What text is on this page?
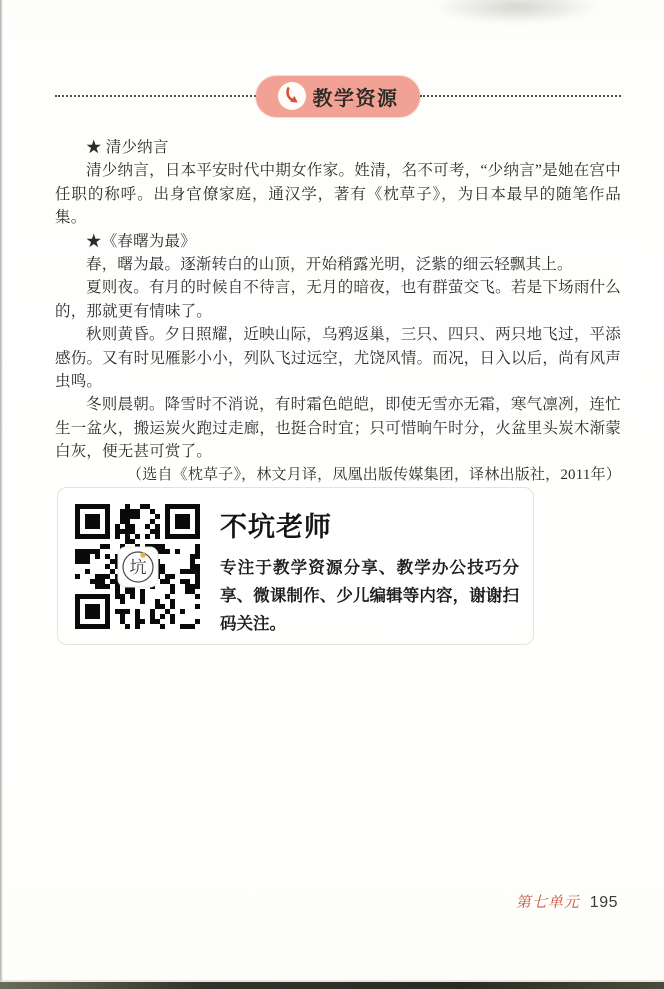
教学资源

★ 清少纳言

清少纳言，日本平安时代中期女作家。姓清，名不可考，“少纳言”是她在宫中任职的称呼。出身官僚家庭，通汉学，著有《枕草子》，为日本最早的随笔作品集。

★《春曙为最》

春，曙为最。逐渐转白的山顶，开始稍露光明，泛紫的细云轻飘其上。

夏则夜。有月的时候自不待言，无月的暗夜，也有群萤交飞。若是下场雨什么的，那就更有情味了。

秋则黄昏。夕日照耀，近映山际，乌鸦返巢，三只、四只、两只地飞过，平添感伤。又有时见雁影小小，列队飞过远空，尤饶风情。而况，日入以后，尚有风声虫鸣。

冬则晨朝。降雪时不消说，有时霜色皑皑，即使无雪亦无霜，寒气凛冽，连忙生一盆火，搬运炭火跑过走廊，也挺合时宜；只可惜晌午时分，火盆里头炭木渐蒙白灰，便无甚可赏了。

（选自《枕草子》，林文月译，凤凰出版传媒集团，译林出版社，2011年）

坑
不坑老师
专注于教学资源分享、教学办公技巧分享、微课制作、少儿编辑等内容，谢谢扫码关注。
第七单元 195
